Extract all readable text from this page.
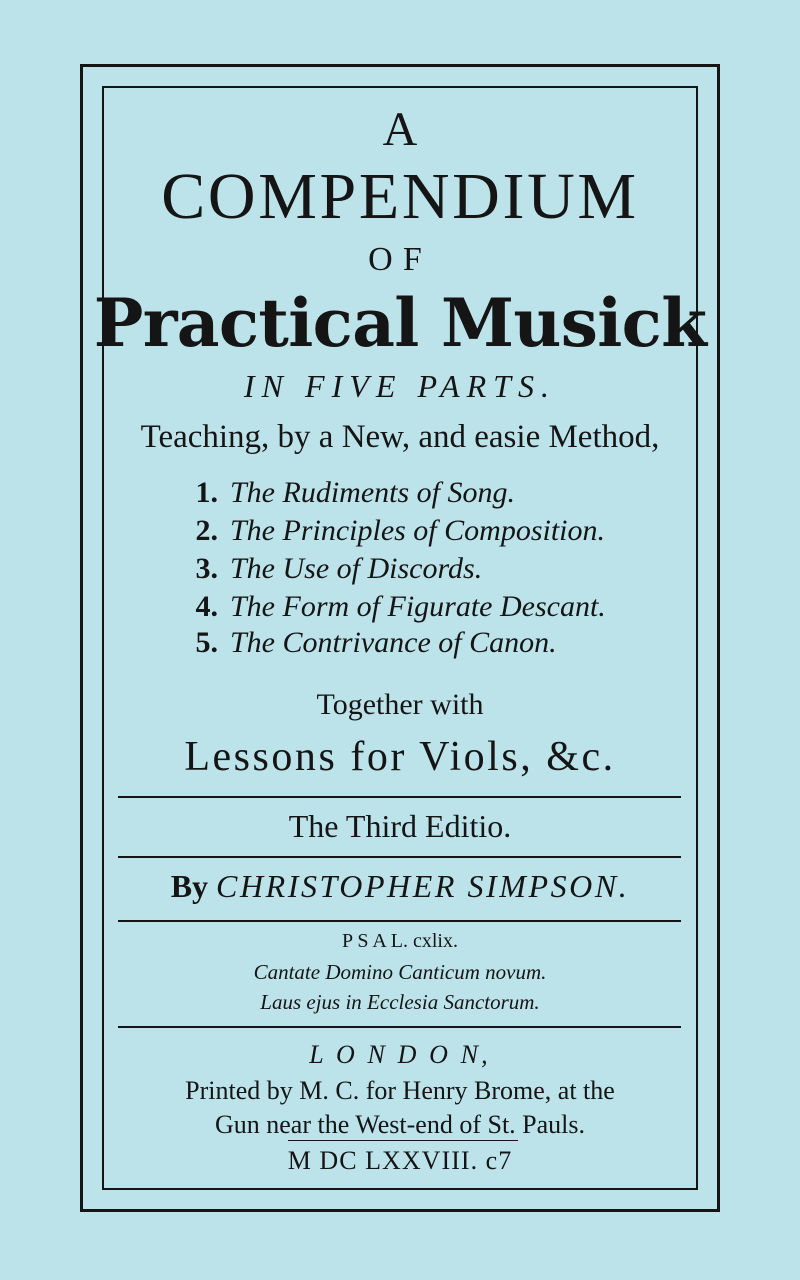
A
COMPENDIUM
OF
Practical Musick
IN FIVE PARTS.
Teaching, by a New, and easie Method,
1. The Rudiments of Song.
2. The Principles of Composition.
3. The Use of Discords.
4. The Form of Figurate Descant.
5. The Contrivance of Canon.
Together with
Lessons for Viols, &c.
The Third Editio.
By CHRISTOPHER SIMPSON.
P S A L. cxlix.
Cantate Domino Canticum novum.
Laus ejus in Ecclesia Sanctorum.
L O N D O N,
Printed by M. C. for Henry Brome, at the
Gun near the West-end of St. Pauls.
M DC LXXVIII. c7
